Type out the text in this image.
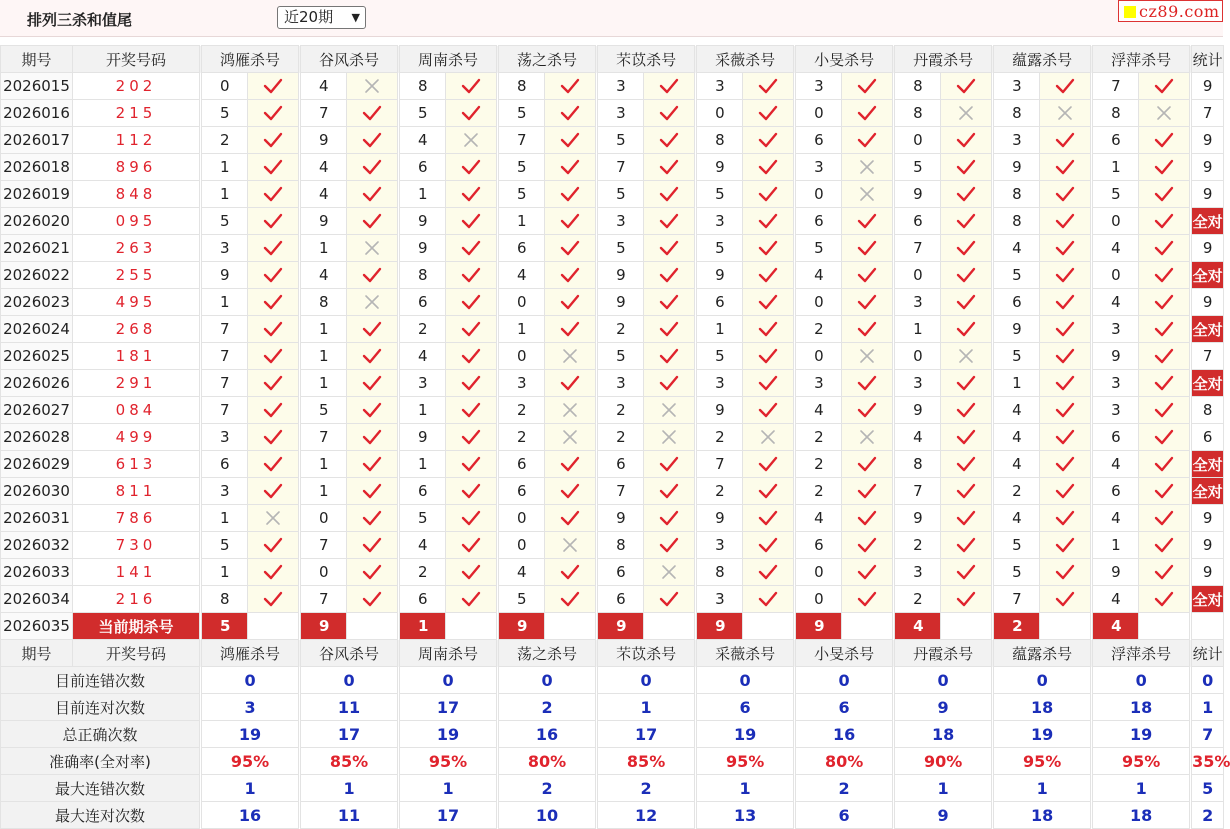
排列三杀和值尾	近20期 ▼	cz89.com
期号	开奖号码		鸿雁杀号			谷风杀号			周南杀号			荡之杀号			芣苡杀号			采薇杀号			小旻杀号			丹霞杀号			蕴露杀号			浮萍杀号			统计
2026015	202		0			4			8			8			3			3			3			8			3			7			9
2026016	215		5			7			5			5			3			0			0			8			8			8			7
2026017	112		2			9			4			7			5			8			6			0			3			6			9
2026018	896		1			4			6			5			7			9			3			5			9			1			9
2026019	848		1			4			1			5			5			5			0			9			8			5			9
2026020	095		5			9			9			1			3			3			6			6			8			0			全对
2026021	263		3			1			9			6			5			5			5			7			4			4			9
2026022	255		9			4			8			4			9			9			4			0			5			0			全对
2026023	495		1			8			6			0			9			6			0			3			6			4			9
2026024	268		7			1			2			1			2			1			2			1			9			3			全对
2026025	181		7			1			4			0			5			5			0			0			5			9			7
2026026	291		7			1			3			3			3			3			3			3			1			3			全对
2026027	084		7			5			1			2			2			9			4			9			4			3			8
2026028	499		3			7			9			2			2			2			2			4			4			6			6
2026029	613		6			1			1			6			6			7			2			8			4			4			全对
2026030	811		3			1			6			6			7			2			2			7			2			6			全对
2026031	786		1			0			5			0			9			9			4			9			4			4			9
2026032	730		5			7			4			0			8			3			6			2			5			1			9
2026033	141		1			0			2			4			6			8			0			3			5			9			9
2026034	216		8			7			6			5			6			3			0			2			7			4			全对
2026035	当前期杀号		5			9			1			9			9			9			9			4			2			4			
期号	开奖号码		鸿雁杀号			谷风杀号			周南杀号			荡之杀号			芣苡杀号			采薇杀号			小旻杀号			丹霞杀号			蕴露杀号			浮萍杀号			统计
目前连错次数			0			0			0			0			0			0			0			0			0			0			0
目前连对次数			3			11			17			2			1			6			6			9			18			18			1
总正确次数			19			17			19			16			17			19			16			18			19			19			7
准确率(全对率)			95%			85%			95%			80%			85%			95%			80%			90%			95%			95%			35%
最大连错次数			1			1			1			2			2			1			2			1			1			1			5
最大连对次数			16			11			17			10			12			13			6			9			18			18			2
